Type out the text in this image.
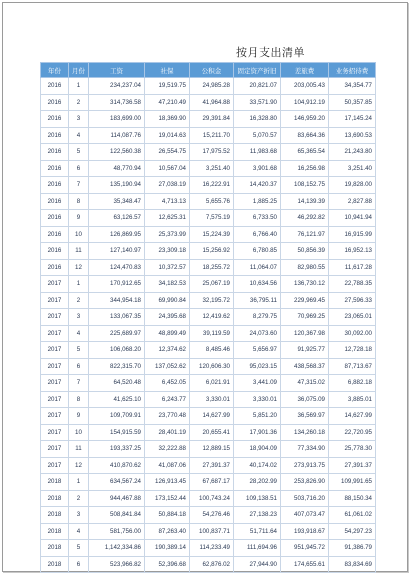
按月支出清单
年份	月份	工资	社保	公积金	固定资产折旧	差旅费	业务招待费
2016	1	234,237.04	19,519.75	24,985.28	20,821.07	203,005.43	34,354.77
2016	2	314,736.58	47,210.49	41,964.88	33,571.90	104,912.19	50,357.85
2016	3	183,699.00	18,369.90	29,391.84	16,328.80	146,959.20	17,145.24
2016	4	114,087.76	19,014.63	15,211.70	5,070.57	83,664.36	13,690.53
2016	5	122,560.38	26,554.75	17,975.52	11,983.68	65,365.54	21,243.80
2016	6	48,770.94	10,567.04	3,251.40	3,901.68	16,256.98	3,251.40
2016	7	135,190.94	27,038.19	16,222.91	14,420.37	108,152.75	19,828.00
2016	8	35,348.47	4,713.13	5,655.76	1,885.25	14,139.39	2,827.88
2016	9	63,126.57	12,625.31	7,575.19	6,733.50	46,292.82	10,941.94
2016	10	126,869.95	25,373.99	15,224.39	6,766.40	76,121.97	16,915.99
2016	11	127,140.97	23,309.18	15,256.92	6,780.85	50,856.39	16,952.13
2016	12	124,470.83	10,372.57	18,255.72	11,064.07	82,980.55	11,617.28
2017	1	170,912.65	34,182.53	25,067.19	10,634.56	136,730.12	22,788.35
2017	2	344,954.18	69,990.84	32,195.72	36,795.11	229,969.45	27,596.33
2017	3	133,067.35	24,395.68	12,419.62	8,279.75	70,969.25	23,065.01
2017	4	225,689.97	48,899.49	39,119.59	24,073.60	120,367.98	30,092.00
2017	5	106,068.20	12,374.62	8,485.46	5,656.97	91,925.77	12,728.18
2017	6	822,315.70	137,052.62	120,606.30	95,023.15	438,568.37	87,713.67
2017	7	64,520.48	6,452.05	6,021.91	3,441.09	47,315.02	6,882.18
2017	8	41,625.10	6,243.77	3,330.01	3,330.01	36,075.09	3,885.01
2017	9	109,709.91	23,770.48	14,627.99	5,851.20	36,569.97	14,627.99
2017	10	154,915.59	28,401.19	20,655.41	17,901.36	134,260.18	22,720.95
2017	11	193,337.25	32,222.88	12,889.15	18,904.09	77,334.90	25,778.30
2017	12	410,870.62	41,087.06	27,391.37	40,174.02	273,913.75	27,391.37
2018	1	634,567.24	126,913.45	67,687.17	28,202.99	253,826.90	109,991.65
2018	2	944,467.88	173,152.44	100,743.24	109,138.51	503,716.20	88,150.34
2018	3	508,841.84	50,884.18	54,276.46	27,138.23	407,073.47	61,061.02
2018	4	581,756.00	87,263.40	100,837.71	51,711.64	193,918.67	54,297.23
2018	5	1,142,334.86	190,389.14	114,233.49	111,694.96	951,945.72	91,386.79
2018	6	523,966.82	52,396.68	62,876.02	27,944.90	174,655.61	83,834.69
